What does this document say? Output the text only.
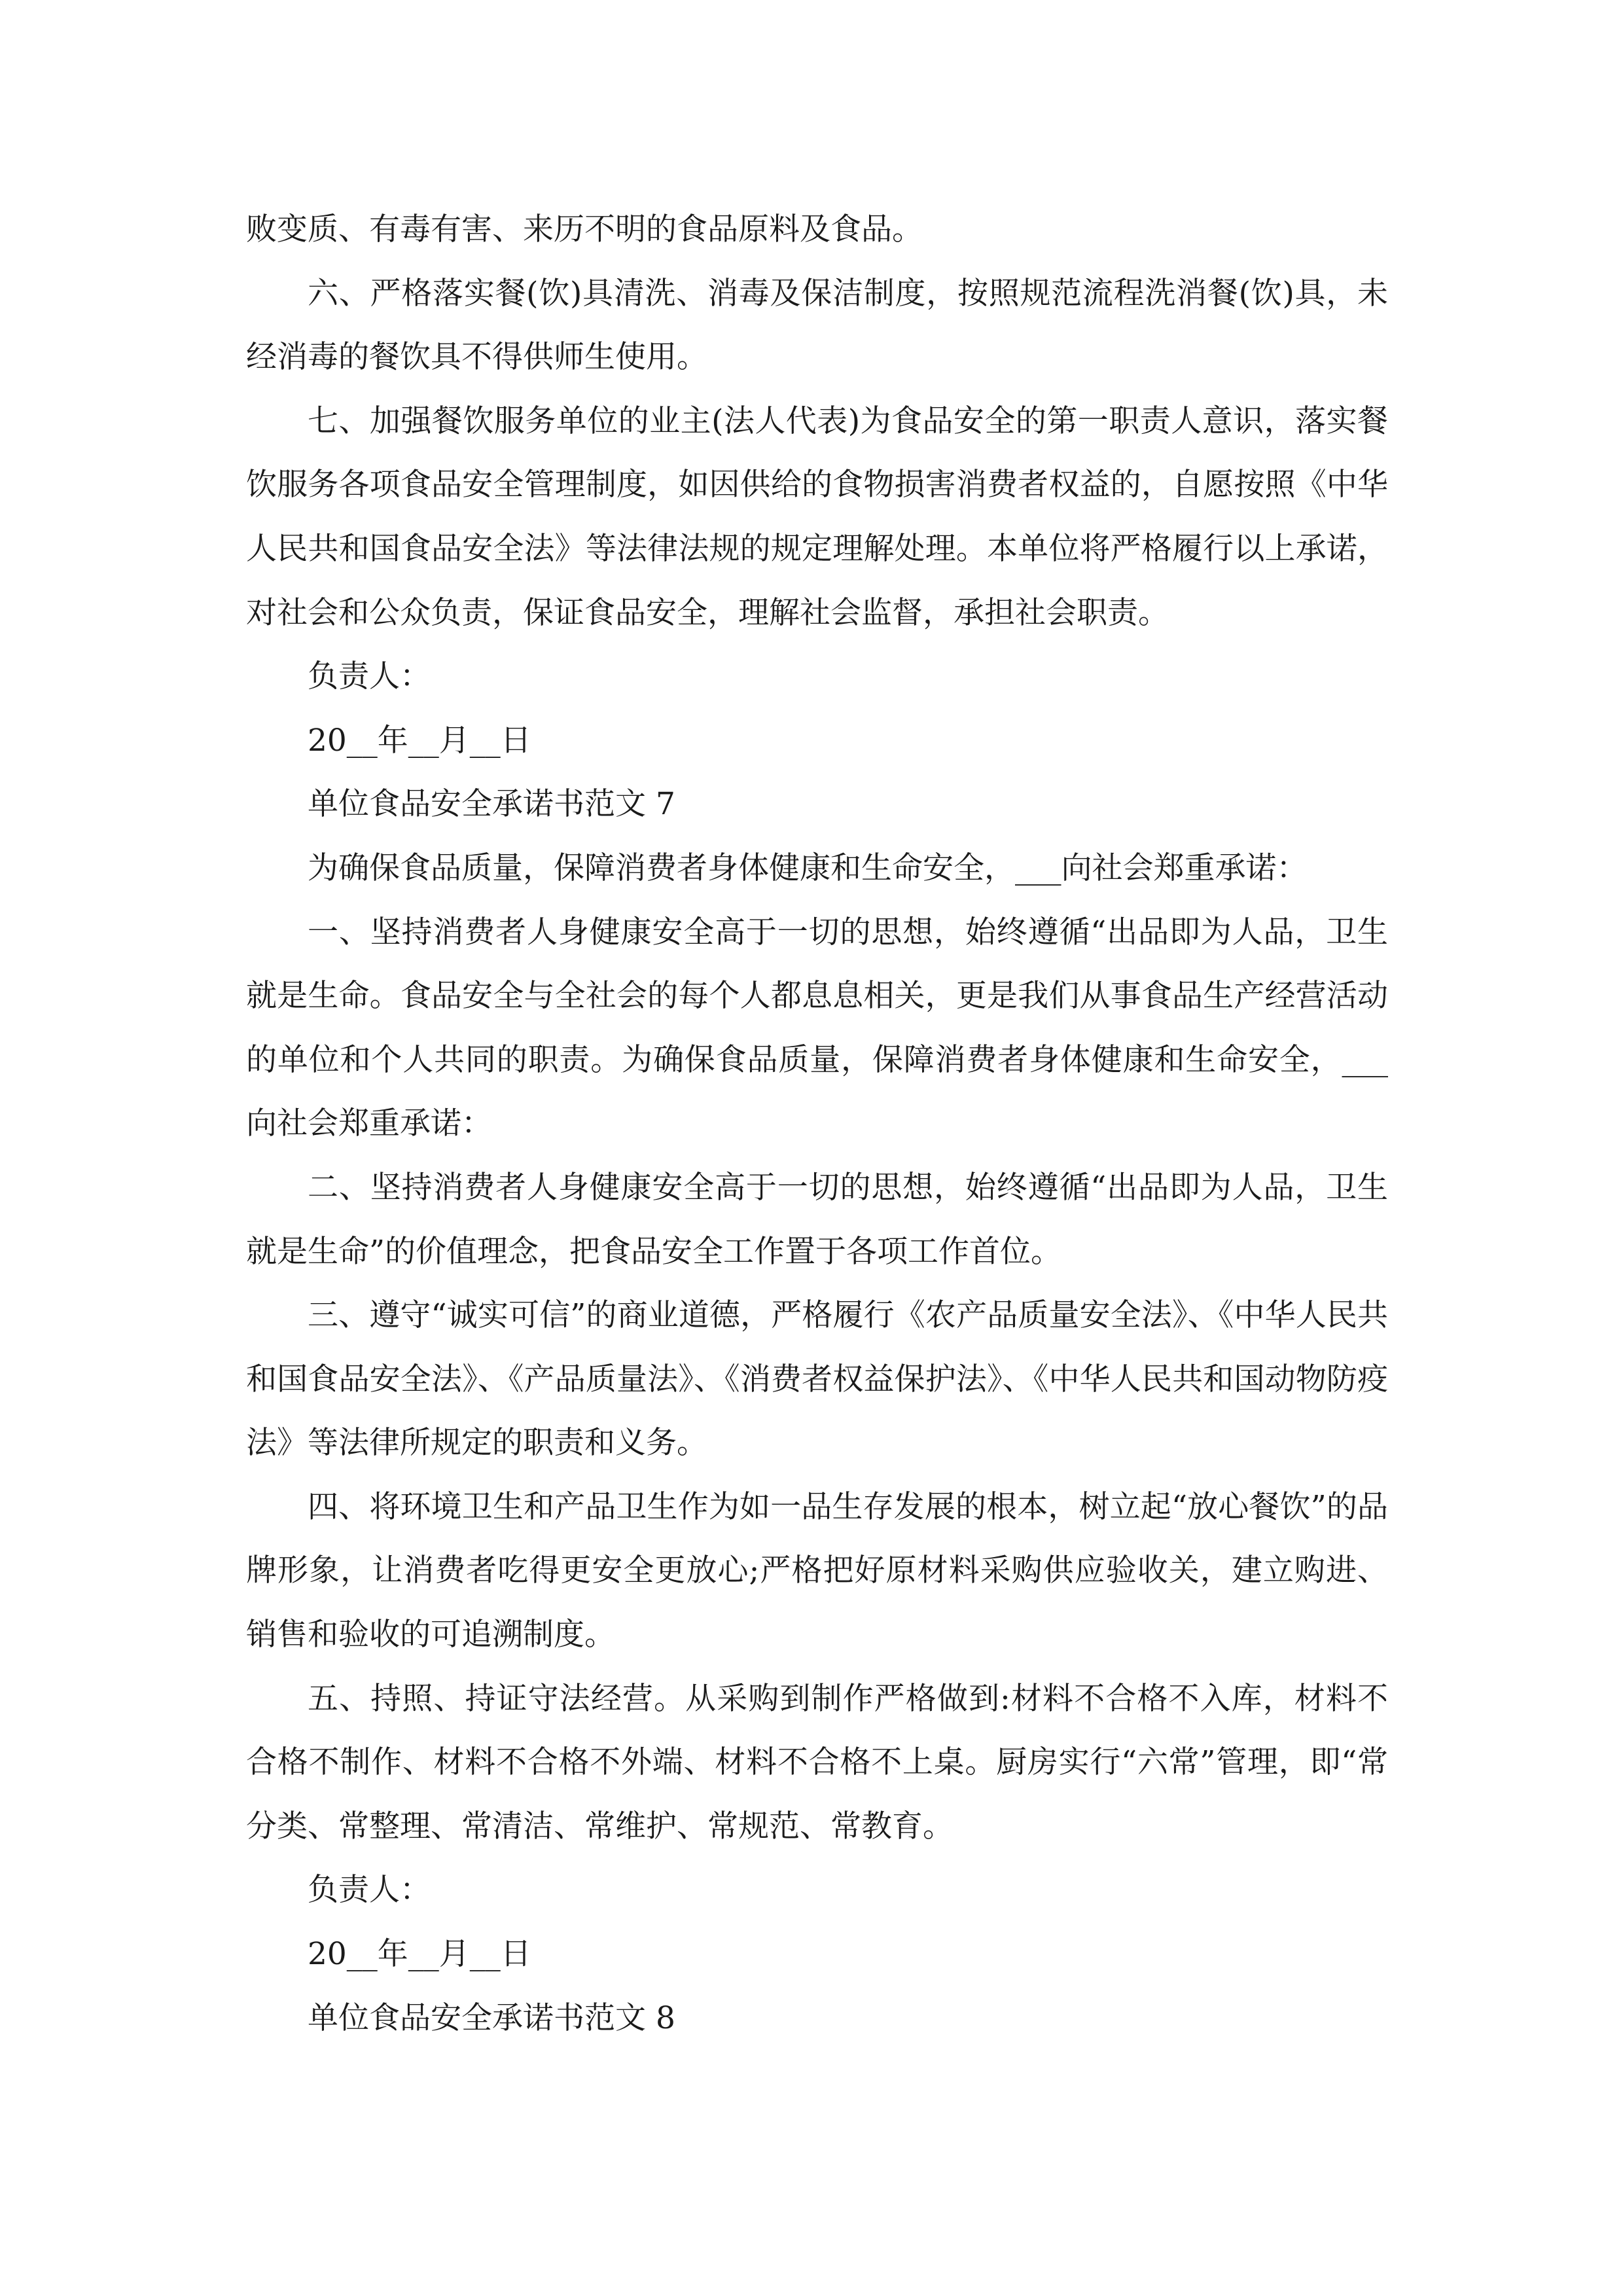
败变质、有毒有害、来历不明的食品原料及食品。

六、严格落实餐(饮)具清洗、消毒及保洁制度，按照规范流程洗消餐(饮)具，未经消毒的餐饮具不得供师生使用。

七、加强餐饮服务单位的业主(法人代表)为食品安全的第一职责人意识，落实餐饮服务各项食品安全管理制度，如因供给的食物损害消费者权益的，自愿按照《中华人民共和国食品安全法》等法律法规的规定理解处理。本单位将严格履行以上承诺，对社会和公众负责，保证食品安全，理解社会监督，承担社会职责。

负责人：

20__年__月__日

单位食品安全承诺书范文 7

为确保食品质量，保障消费者身体健康和生命安全，___向社会郑重承诺：

一、坚持消费者人身健康安全高于一切的思想，始终遵循“出品即为人品，卫生就是生命。食品安全与全社会的每个人都息息相关，更是我们从事食品生产经营活动的单位和个人共同的职责。为确保食品质量，保障消费者身体健康和生命安全，___向社会郑重承诺：

二、坚持消费者人身健康安全高于一切的思想，始终遵循“出品即为人品，卫生就是生命”的价值理念，把食品安全工作置于各项工作首位。

三、遵守“诚实可信”的商业道德，严格履行《农产品质量安全法》、《中华人民共和国食品安全法》、《产品质量法》、《消费者权益保护法》、《中华人民共和国动物防疫法》等法律所规定的职责和义务。

四、将环境卫生和产品卫生作为如一品生存发展的根本，树立起“放心餐饮”的品牌形象，让消费者吃得更安全更放心;严格把好原材料采购供应验收关，建立购进、销售和验收的可追溯制度。

五、持照、持证守法经营。从采购到制作严格做到:材料不合格不入库，材料不合格不制作、材料不合格不外端、材料不合格不上桌。厨房实行“六常”管理，即“常分类、常整理、常清洁、常维护、常规范、常教育。

负责人：

20__年__月__日

单位食品安全承诺书范文 8
